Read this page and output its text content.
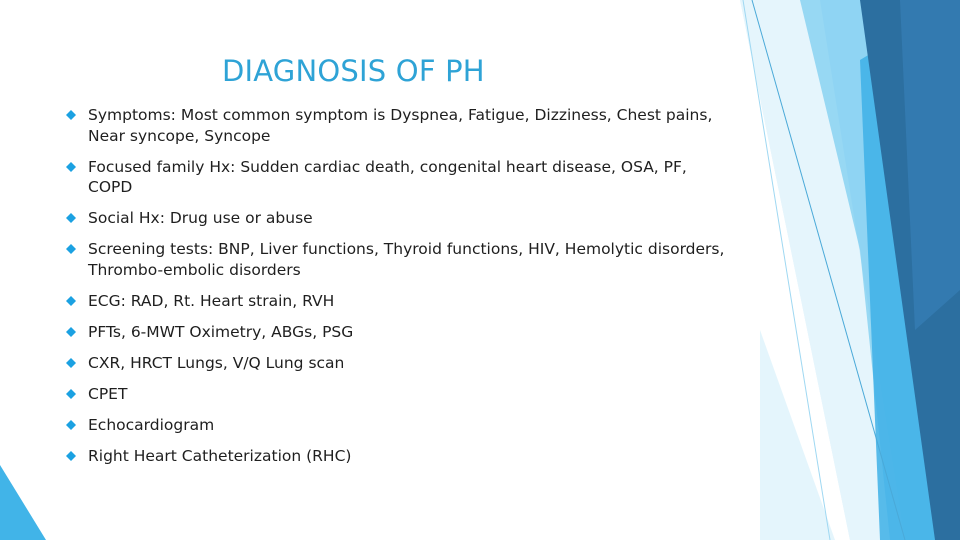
DIAGNOSIS OF PH
Symptoms: Most common symptom is Dyspnea, Fatigue, Dizziness, Chest pains, Near syncope, Syncope
Focused family Hx: Sudden cardiac death, congenital heart disease, OSA, PF, COPD
Social Hx: Drug use or abuse
Screening tests: BNP, Liver functions, Thyroid functions, HIV, Hemolytic disorders, Thrombo-embolic disorders
ECG: RAD, Rt. Heart strain, RVH
PFTs, 6-MWT Oximetry, ABGs, PSG
CXR, HRCT Lungs, V/Q Lung scan
CPET
Echocardiogram
Right Heart Catheterization (RHC)
